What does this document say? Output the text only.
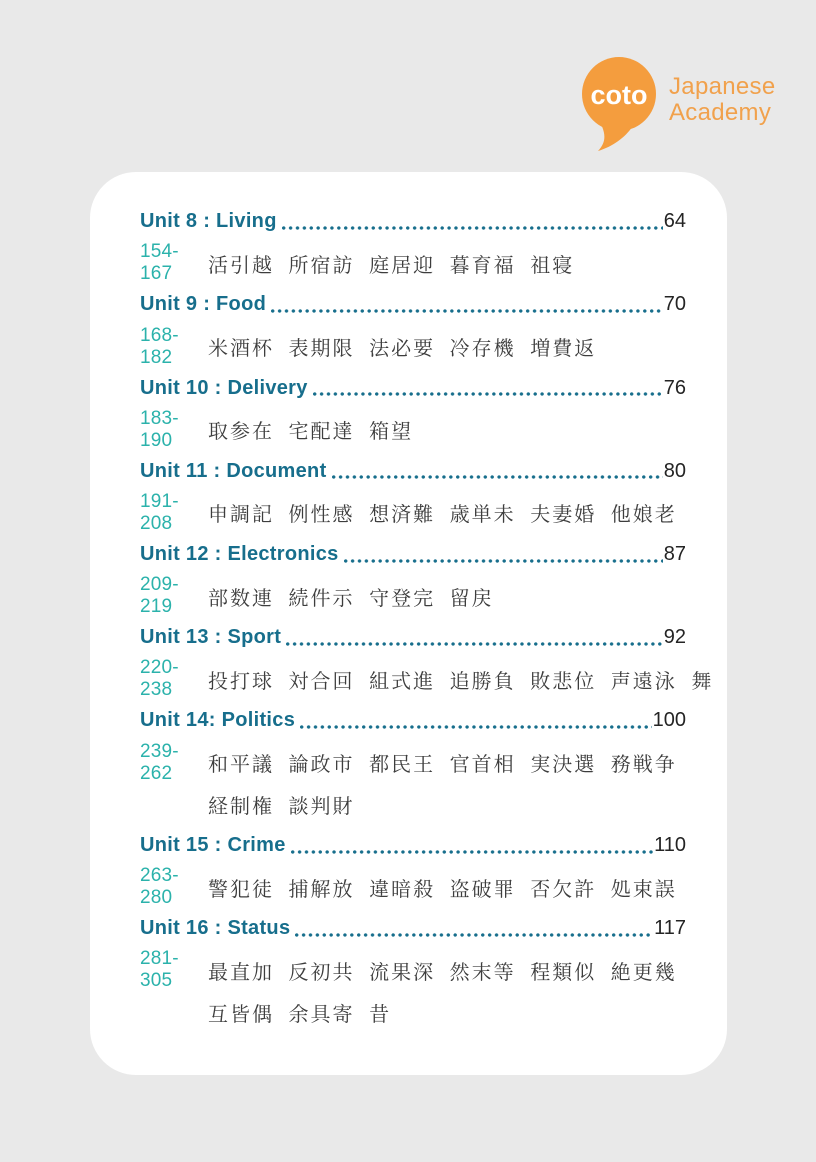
coto Japanese
Academy
Unit 8 : Living	64
154-167	活引越 所宿訪 庭居迎 暮育福 祖寝
Unit 9 : Food	70
168-182	米酒杯 表期限 法必要 冷存機 増費返
Unit 10 : Delivery	76
183-190	取参在 宅配達 箱望
Unit 11 : Document	80
191-208	申調記 例性感 想済難 歳単未 夫妻婚 他娘老
Unit 12 : Electronics	87
209-219	部数連 続件示 守登完 留戻
Unit 13 : Sport	92
220-238	投打球 対合回 組式進 追勝負 敗悲位 声遠泳 舞
Unit 14: Politics	100
239-262	和平議 論政市 都民王 官首相 実決選 務戦争
経制権 談判財
Unit 15 : Crime	110
263-280	警犯徒 捕解放 違暗殺 盗破罪 否欠許 処束誤
Unit 16 : Status	117
281-305	最直加 反初共 流果深 然末等 程類似 絶更幾
互皆偶 余具寄 昔
